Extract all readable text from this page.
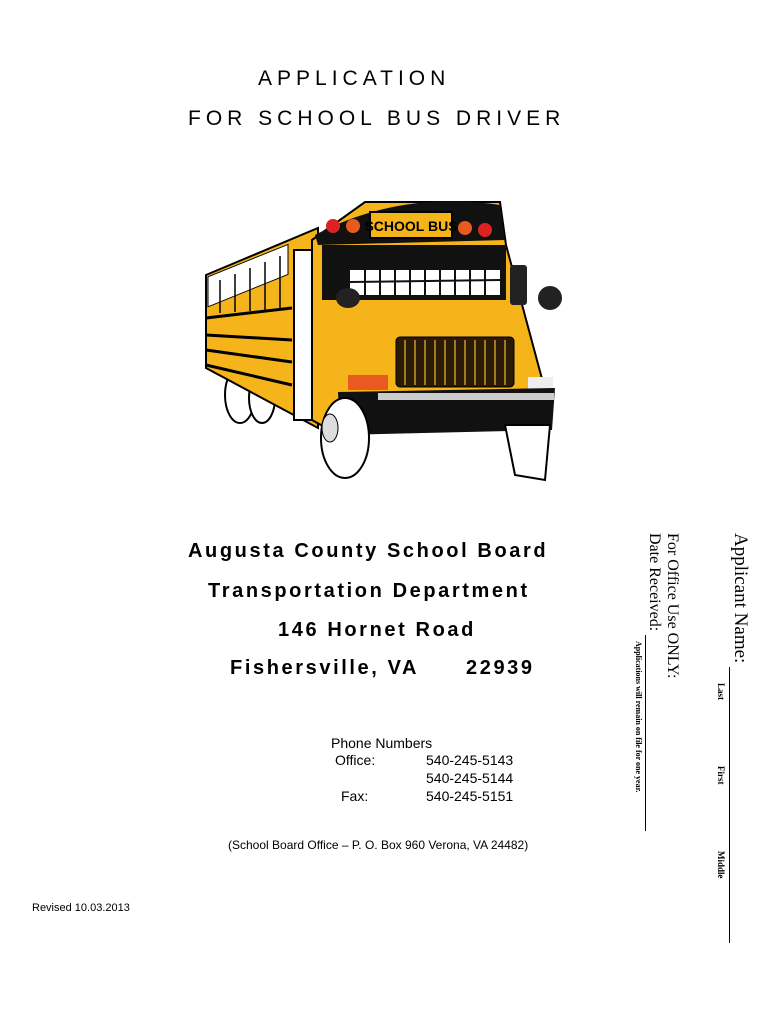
APPLICATION
FOR SCHOOL BUS DRIVER
SCHOOL BUS
Augusta County School Board
Transportation Department
146 Hornet Road
Fishersville, VA 22939
Phone Numbers
Office:	540-245-5143
540-245-5144
Fax:	540-245-5151
(School Board Office – P. O. Box 960 Verona, VA 24482)
Revised 10.03.2013
Applicant Name:
Last
First
Middle
For Office Use ONLY:
Date Received:
Applications will remain on file for one year.
